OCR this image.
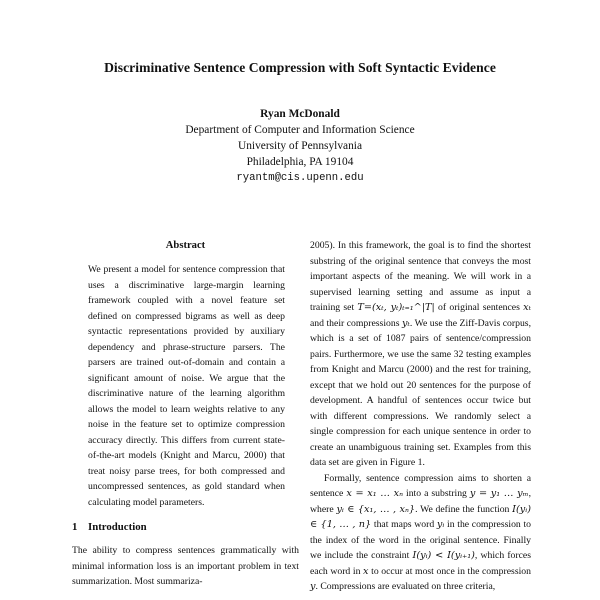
Discriminative Sentence Compression with Soft Syntactic Evidence
Ryan McDonald
Department of Computer and Information Science
University of Pennsylvania
Philadelphia, PA 19104
ryantm@cis.upenn.edu
Abstract

We present a model for sentence compression that uses a discriminative large-margin learning framework coupled with a novel feature set defined on compressed bigrams as well as deep syntactic representations provided by auxiliary dependency and phrase-structure parsers. The parsers are trained out-of-domain and contain a significant amount of noise. We argue that the discriminative nature of the learning algorithm allows the model to learn weights relative to any noise in the feature set to optimize compression accuracy directly. This differs from current state-of-the-art models (Knight and Marcu, 2000) that treat noisy parse trees, for both compressed and uncompressed sentences, as gold standard when calculating model parameters.

1 Introduction

The ability to compress sentences grammatically with minimal information loss is an important problem in text summarization. Most summariza-

2005). In this framework, the goal is to find the shortest substring of the original sentence that conveys the most important aspects of the meaning. We will work in a supervised learning setting and assume as input a training set T=(xₜ, yₜ)ₜ₌₁^|T| of original sentences xₜ and their compressions yₜ. We use the Ziff-Davis corpus, which is a set of 1087 pairs of sentence/compression pairs. Furthermore, we use the same 32 testing examples from Knight and Marcu (2000) and the rest for training, except that we hold out 20 sentences for the purpose of development. A handful of sentences occur twice but with different compressions. We randomly select a single compression for each unique sentence in order to create an unambiguous training set. Examples from this data set are given in Figure 1.

Formally, sentence compression aims to shorten a sentence x = x₁ … xₙ into a substring y = y₁ … yₘ, where yᵢ ∈ {x₁, … , xₙ}. We define the function I(yᵢ) ∈ {1, … , n} that maps word yᵢ in the compression to the index of the word in the original sentence. Finally we include the constraint I(yᵢ) < I(yᵢ₊₁), which forces each word in x to occur at most once in the compression y. Compressions are evaluated on three criteria,
